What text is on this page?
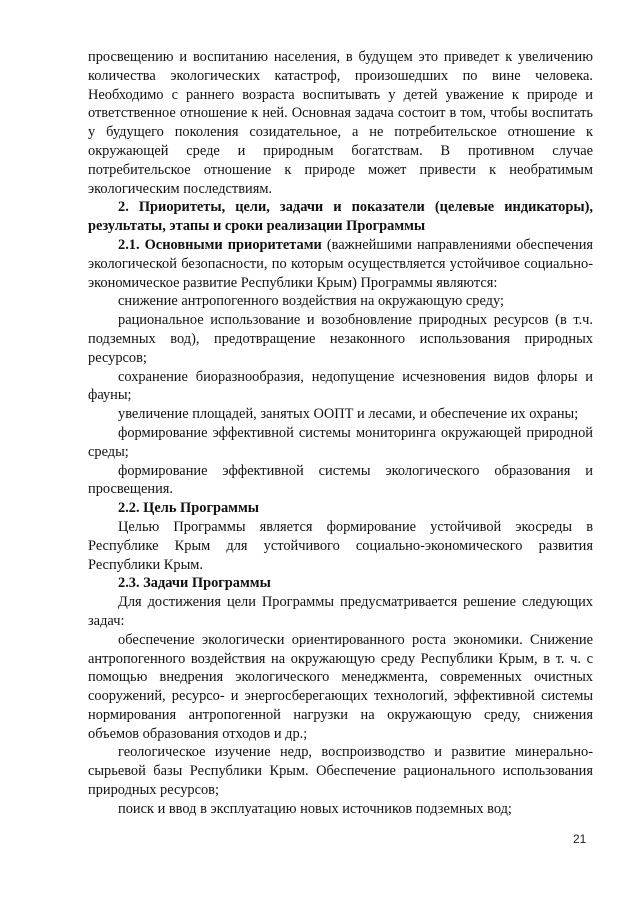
просвещению и воспитанию населения, в будущем это приведет к увеличению количества экологических катастроф, произошедших по вине человека. Необходимо с раннего возраста воспитывать у детей уважение к природе и ответственное отношение к ней. Основная задача состоит в том, чтобы воспитать у будущего поколения созидательное, а не потребительское отношение к окружающей среде и природным богатствам. В противном случае потребительское отношение к природе может привести к необратимым экологическим последствиям.

2. Приоритеты, цели, задачи и показатели (целевые индикаторы), результаты, этапы и сроки реализации Программы

2.1. Основными приоритетами (важнейшими направлениями обеспечения экологической безопасности, по которым осуществляется устойчивое социально-экономическое развитие Республики Крым) Программы являются:

снижение антропогенного воздействия на окружающую среду;

рациональное использование и возобновление природных ресурсов (в т.ч. подземных вод), предотвращение незаконного использования природных ресурсов;

сохранение биоразнообразия, недопущение исчезновения видов флоры и фауны;

увеличение площадей, занятых ООПТ и лесами, и обеспечение их охраны;

формирование эффективной системы мониторинга окружающей природной среды;

формирование эффективной системы экологического образования и просвещения.

2.2. Цель Программы

Целью Программы является формирование устойчивой экосреды в Республике Крым для устойчивого социально-экономического развития Республики Крым.

2.3. Задачи Программы

Для достижения цели Программы предусматривается решение следующих задач:

обеспечение экологически ориентированного роста экономики. Снижение антропогенного воздействия на окружающую среду Республики Крым, в т. ч. с помощью внедрения экологического менеджмента, современных очистных сооружений, ресурсо- и энергосберегающих технологий, эффективной системы нормирования антропогенной нагрузки на окружающую среду, снижения объемов образования отходов и др.;

геологическое изучение недр, воспроизводство и развитие минерально-сырьевой базы Республики Крым. Обеспечение рационального использования природных ресурсов;

поиск и ввод в эксплуатацию новых источников подземных вод;

21
